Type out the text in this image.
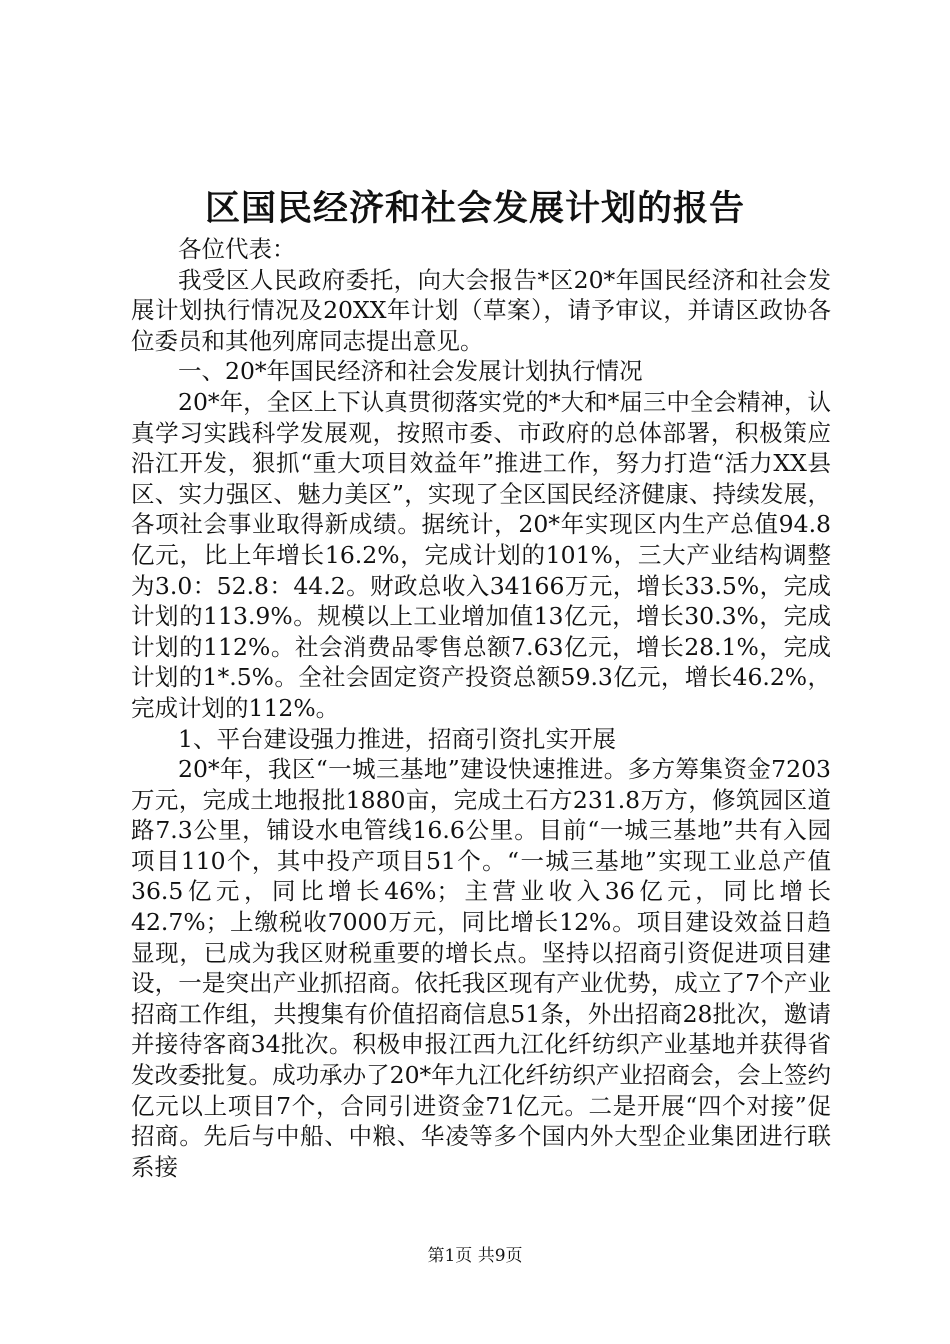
区国民经济和社会发展计划的报告

各位代表：

我受区人民政府委托，向大会报告*区20*年国民经济和社会发展计划执行情况及20XX年计划（草案），请予审议，并请区政协各位委员和其他列席同志提出意见。

一、20*年国民经济和社会发展计划执行情况

20*年，全区上下认真贯彻落实党的*大和*届三中全会精神，认真学习实践科学发展观，按照市委、市政府的总体部署，积极策应沿江开发，狠抓“重大项目效益年”推进工作，努力打造“活力XX县区、实力强区、魅力美区”，实现了全区国民经济健康、持续发展，各项社会事业取得新成绩。据统计，20*年实现区内生产总值94.8亿元，比上年增长16.2%，完成计划的101%，三大产业结构调整为3.0：52.8：44.2。财政总收入34166万元，增长33.5%，完成计划的113.9%。规模以上工业增加值13亿元，增长30.3%，完成计划的112%。社会消费品零售总额7.63亿元，增长28.1%，完成计划的1*.5%。全社会固定资产投资总额59.3亿元，增长46.2%，完成计划的112%。

1、平台建设强力推进，招商引资扎实开展

20*年，我区“一城三基地”建设快速推进。多方筹集资金7203万元，完成土地报批1880亩，完成土石方231.8万方，修筑园区道路7.3公里，铺设水电管线16.6公里。目前“一城三基地”共有入园项目110个，其中投产项目51个。“一城三基地”实现工业总产值36.5亿元，同比增长46%；主营业收入36亿元，同比增长42.7%；上缴税收7000万元，同比增长12%。项目建设效益日趋显现，已成为我区财税重要的增长点。坚持以招商引资促进项目建设，一是突出产业抓招商。依托我区现有产业优势，成立了7个产业招商工作组，共搜集有价值招商信息51条，外出招商28批次，邀请并接待客商34批次。积极申报江西九江化纤纺织产业基地并获得省发改委批复。成功承办了20*年九江化纤纺织产业招商会，会上签约亿元以上项目7个，合同引进资金71亿元。二是开展“四个对接”促招商。先后与中船、中粮、华凌等多个国内外大型企业集团进行联系接

第1页 共9页
